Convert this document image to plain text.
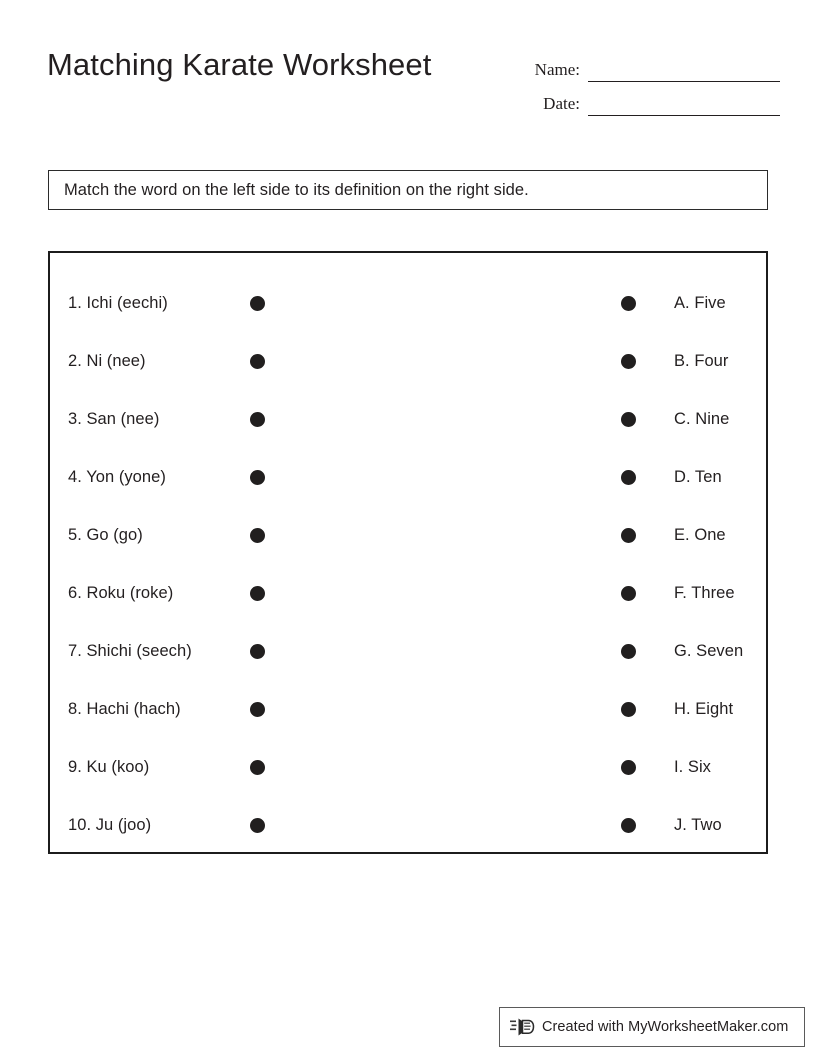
Matching Karate Worksheet	Name:
Date:
Match the word on the left side to its definition on the right side.
1. Ichi (eechi)	A. Five
2. Ni (nee)	B. Four
3. San (nee)	C. Nine
4. Yon (yone)	D. Ten
5. Go (go)	E. One
6. Roku (roke)	F. Three
7. Shichi (seech)	G. Seven
8. Hachi (hach)	H. Eight
9. Ku (koo)	I. Six
10. Ju (joo)	J. Two
Created with MyWorksheetMaker.com
